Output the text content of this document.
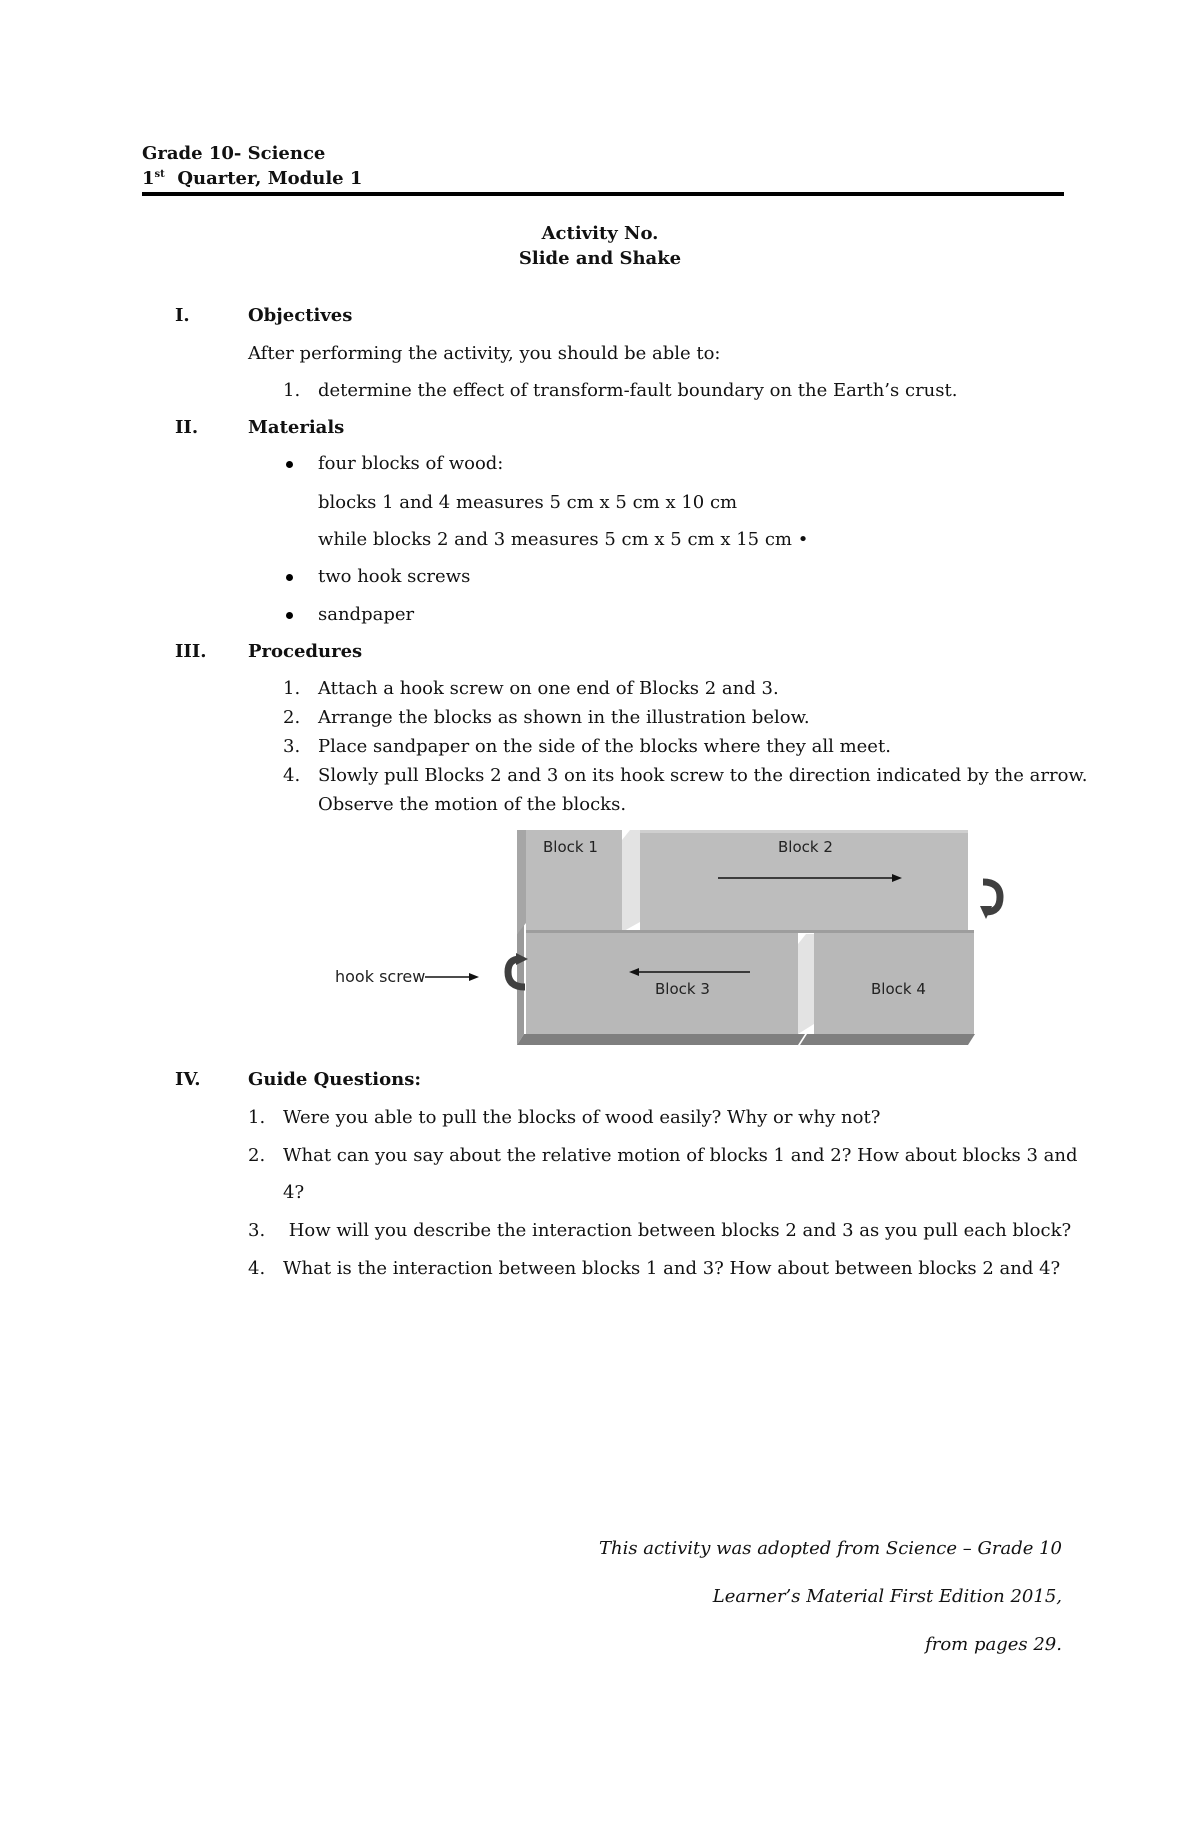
Grade 10- Science
1st Quarter, Module 1
Activity No.
Slide and Shake
I.	Objectives
After performing the activity, you should be able to:
1. determine the effect of transform-fault boundary on the Earth’s crust.
II.	Materials
four blocks of wood:
blocks 1 and 4 measures 5 cm x 5 cm x 10 cm
while blocks 2 and 3 measures 5 cm x 5 cm x 15 cm •
two hook screws
sandpaper
III. Procedures
1. Attach a hook screw on one end of Blocks 2 and 3.
2. Arrange the blocks as shown in the illustration below.
3. Place sandpaper on the side of the blocks where they all meet.
4. Slowly pull Blocks 2 and 3 on its hook screw to the direction indicated by the arrow.
Observe the motion of the blocks.
Block 1	Block 2
Block 3	Block 4
hook screw
IV.	Guide Questions:
1. Were you able to pull the blocks of wood easily? Why or why not?
2. What can you say about the relative motion of blocks 1 and 2? How about blocks 3 and
4?
3. How will you describe the interaction between blocks 2 and 3 as you pull each block?
4. What is the interaction between blocks 1 and 3? How about between blocks 2 and 4?
This activity was adopted from Science – Grade 10
Learner’s Material First Edition 2015,
from pages 29.
